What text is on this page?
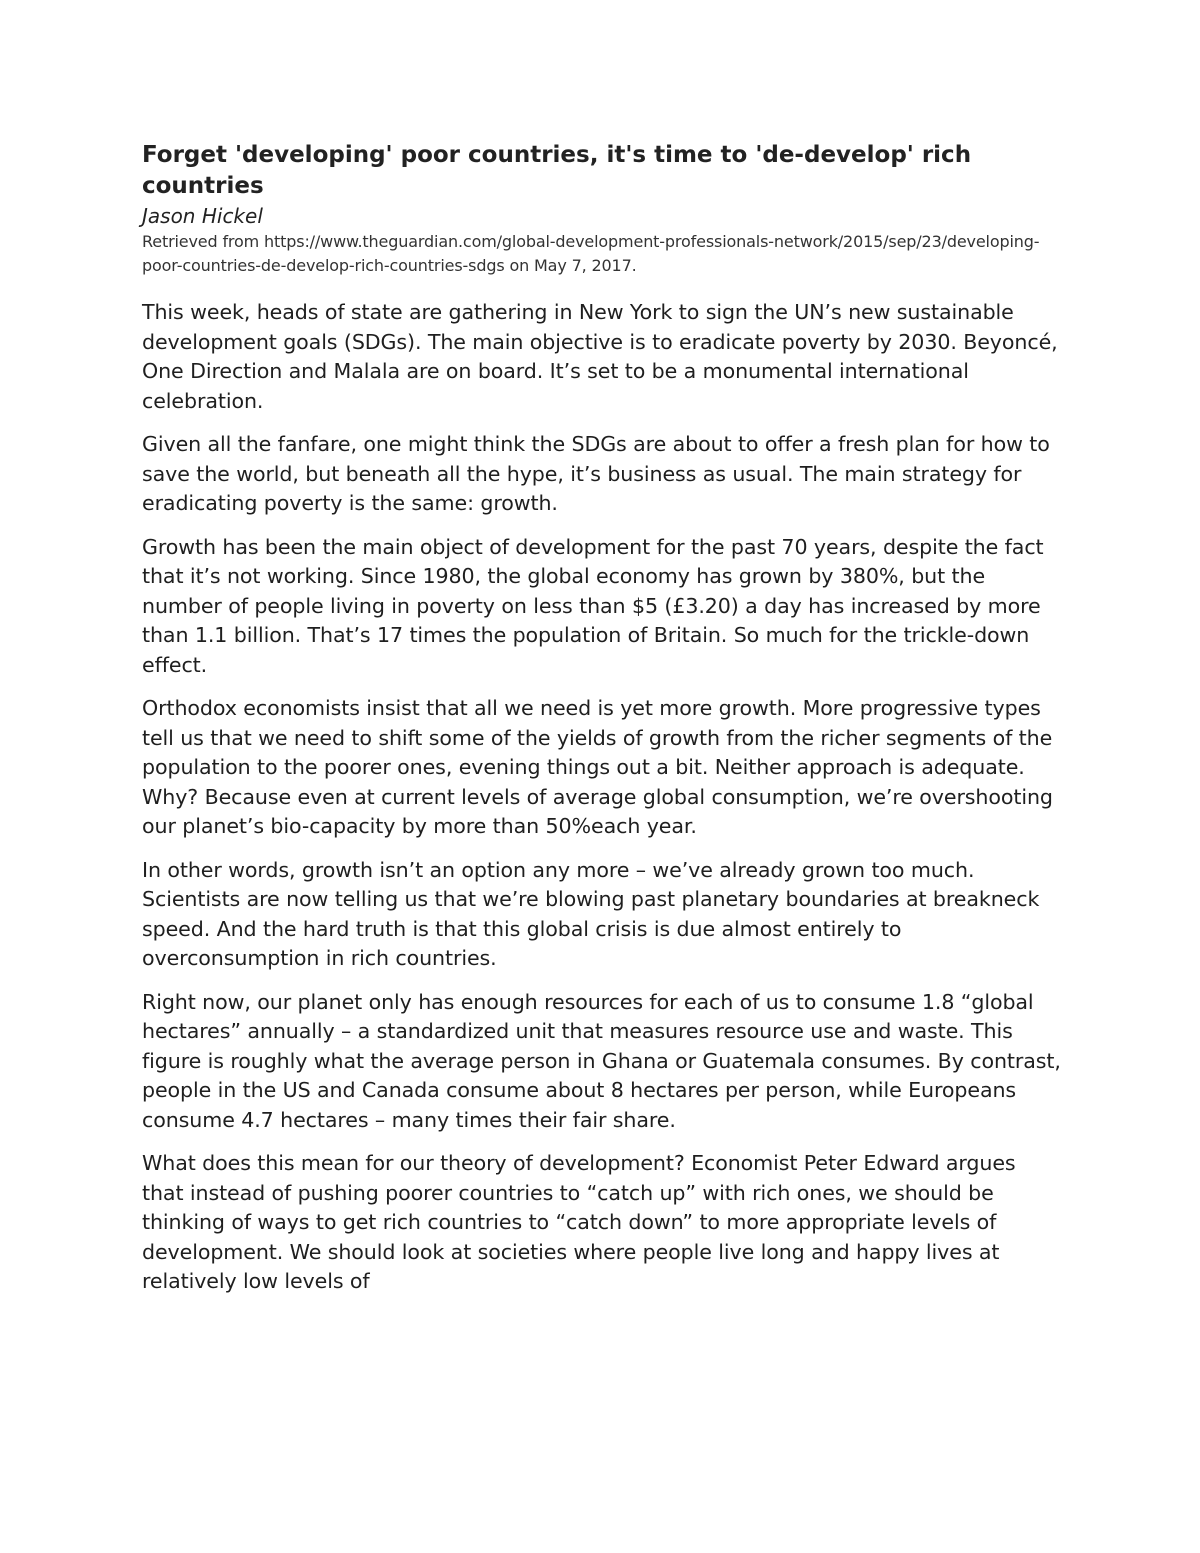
Forget 'developing' poor countries, it's time to 'de-develop' rich countries
Jason Hickel
Retrieved from https://www.theguardian.com/global-development-professionals-network/2015/sep/23/developing-poor-countries-de-develop-rich-countries-sdgs on May 7, 2017.

This week, heads of state are gathering in New York to sign the UN’s new sustainable development goals (SDGs). The main objective is to eradicate poverty by 2030. Beyoncé, One Direction and Malala are on board. It’s set to be a monumental international celebration.

Given all the fanfare, one might think the SDGs are about to offer a fresh plan for how to save the world, but beneath all the hype, it’s business as usual. The main strategy for eradicating poverty is the same: growth.

Growth has been the main object of development for the past 70 years, despite the fact that it’s not working. Since 1980, the global economy has grown by 380%, but the number of people living in poverty on less than $5 (£3.20) a day has increased by more than 1.1 billion. That’s 17 times the population of Britain. So much for the trickle-down effect.

Orthodox economists insist that all we need is yet more growth. More progressive types tell us that we need to shift some of the yields of growth from the richer segments of the population to the poorer ones, evening things out a bit. Neither approach is adequate. Why? Because even at current levels of average global consumption, we’re overshooting our planet’s bio-capacity by more than 50%each year.

In other words, growth isn’t an option any more – we’ve already grown too much. Scientists are now telling us that we’re blowing past planetary boundaries at breakneck speed. And the hard truth is that this global crisis is due almost entirely to overconsumption in rich countries.

Right now, our planet only has enough resources for each of us to consume 1.8 “global hectares” annually – a standardized unit that measures resource use and waste. This figure is roughly what the average person in Ghana or Guatemala consumes. By contrast, people in the US and Canada consume about 8 hectares per person, while Europeans consume 4.7 hectares – many times their fair share.

What does this mean for our theory of development? Economist Peter Edward argues that instead of pushing poorer countries to “catch up” with rich ones, we should be thinking of ways to get rich countries to “catch down” to more appropriate levels of development. We should look at societies where people live long and happy lives at relatively low levels of
